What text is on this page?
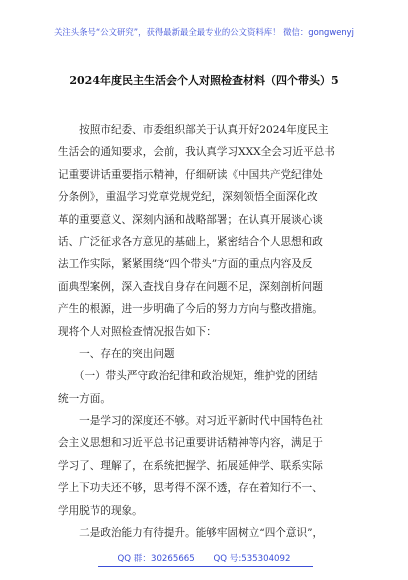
关注头条号“公文研究”，获得最新最全最专业的公文资料库！ 微信：gongwenyj
2024年度民主生活会个人对照检查材料（四个带头）5
　　按照市纪委、市委组织部关于认真开好2024年度民主
生活会的通知要求，会前，我认真学习XXX全会习近平总书
记重要讲话重要指示精神，仔细研读《中国共产党纪律处
分条例》，重温学习党章党规党纪，深刻领悟全面深化改
革的重要意义、深刻内涵和战略部署；在认真开展谈心谈
话、广泛征求各方意见的基础上，紧密结合个人思想和政
法工作实际，紧紧围绕“四个带头”方面的重点内容及反
面典型案例，深入查找自身存在问题不足，深刻剖析问题
产生的根源，进一步明确了今后的努力方向与整改措施。
现将个人对照检查情况报告如下：
　　一、存在的突出问题
　　（一）带头严守政治纪律和政治规矩，维护党的团结
统一方面。
　　一是学习的深度还不够。对习近平新时代中国特色社
会主义思想和习近平总书记重要讲话精神等内容，满足于
学习了、理解了，在系统把握学、拓展延伸学、联系实际
学上下功夫还不够，思考得不深不透，存在着知行不一、
学用脱节的现象。
　　二是政治能力有待提升。能够牢固树立“四个意识”，
QQ 群：30265665 QQ 号:535304092
